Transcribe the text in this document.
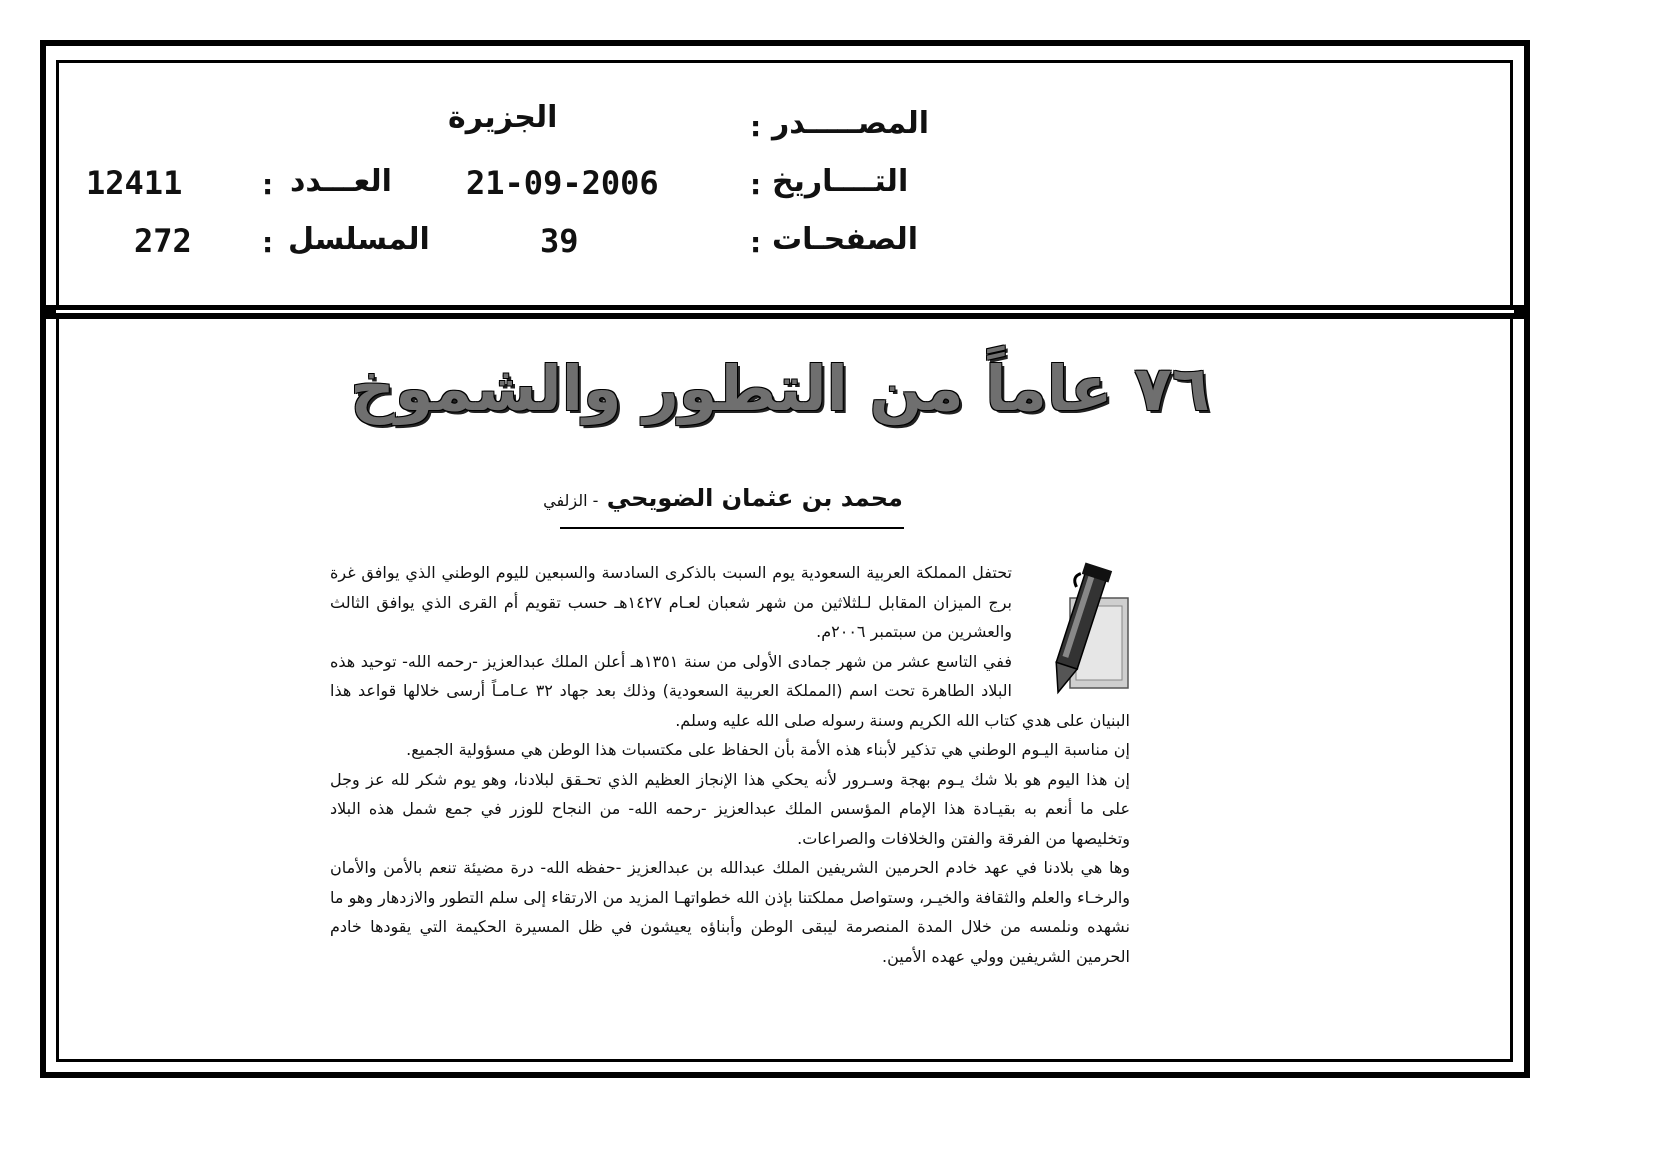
المصـــــدر
:
الجزيرة
التــــاريخ
:
21-09-2006
العـــدد
:
12411
الصفحـات
:
39
المسلسل
:
272
٧٦ عاماً من التطور والشموخ
محمد بن عثمان الضويحي - الزلفي

تحتفل المملكة العربية السعودية يوم السبت بالذكرى السادسة والسبعين لليوم الوطني الذي يوافق غرة برج الميزان المقابل لـلثلاثين من شهر شعبان لعـام ١٤٢٧هـ حسب تقويم أم القرى الذي يوافق الثالث والعشرين من سبتمبر ٢٠٠٦م.

ففي التاسع عشر من شهر جمادى الأولى من سنة ١٣٥١هـ أعلن الملك عبدالعزيز -رحمه الله- توحيد هذه البلاد الطاهرة تحت اسم (المملكة العربية السعودية) وذلك بعد جهاد ٣٢ عـامـاً أرسى خلالها قواعد هذا البنيان على هدي كتاب الله الكريم وسنة رسوله صلى الله عليه وسلم.

إن مناسبة اليـوم الوطني هي تذكير لأبناء هذه الأمة بأن الحفاظ على مكتسبات هذا الوطن هي مسؤولية الجميع.

إن هذا اليوم هو بلا شك يـوم بهجة وسـرور لأنه يحكي هذا الإنجاز العظيم الذي تحـقق لبلادنا، وهو يوم شكر لله عز وجل على ما أنعم به بقيـادة هذا الإمام المؤسس الملك عبدالعزيز -رحمه الله- من النجاح للوزر في جمع شمل هذه البلاد وتخليصها من الفرقة والفتن والخلافات والصراعات.

وها هي بلادنا في عهد خادم الحرمين الشريفين الملك عبدالله بن عبدالعزيز -حفظه الله- درة مضيئة تنعم بالأمن والأمان والرخـاء والعلم والثقافة والخيـر، وستواصل مملكتنا بإذن الله خطواتهـا المزيد من الارتقاء إلى سلم التطور والازدهار وهو ما نشهده ونلمسه من خلال المدة المنصرمة ليبقى الوطن وأبناؤه يعيشون في ظل المسيرة الحكيمة التي يقودها خادم الحرمين الشريفين وولي عهده الأمين.
